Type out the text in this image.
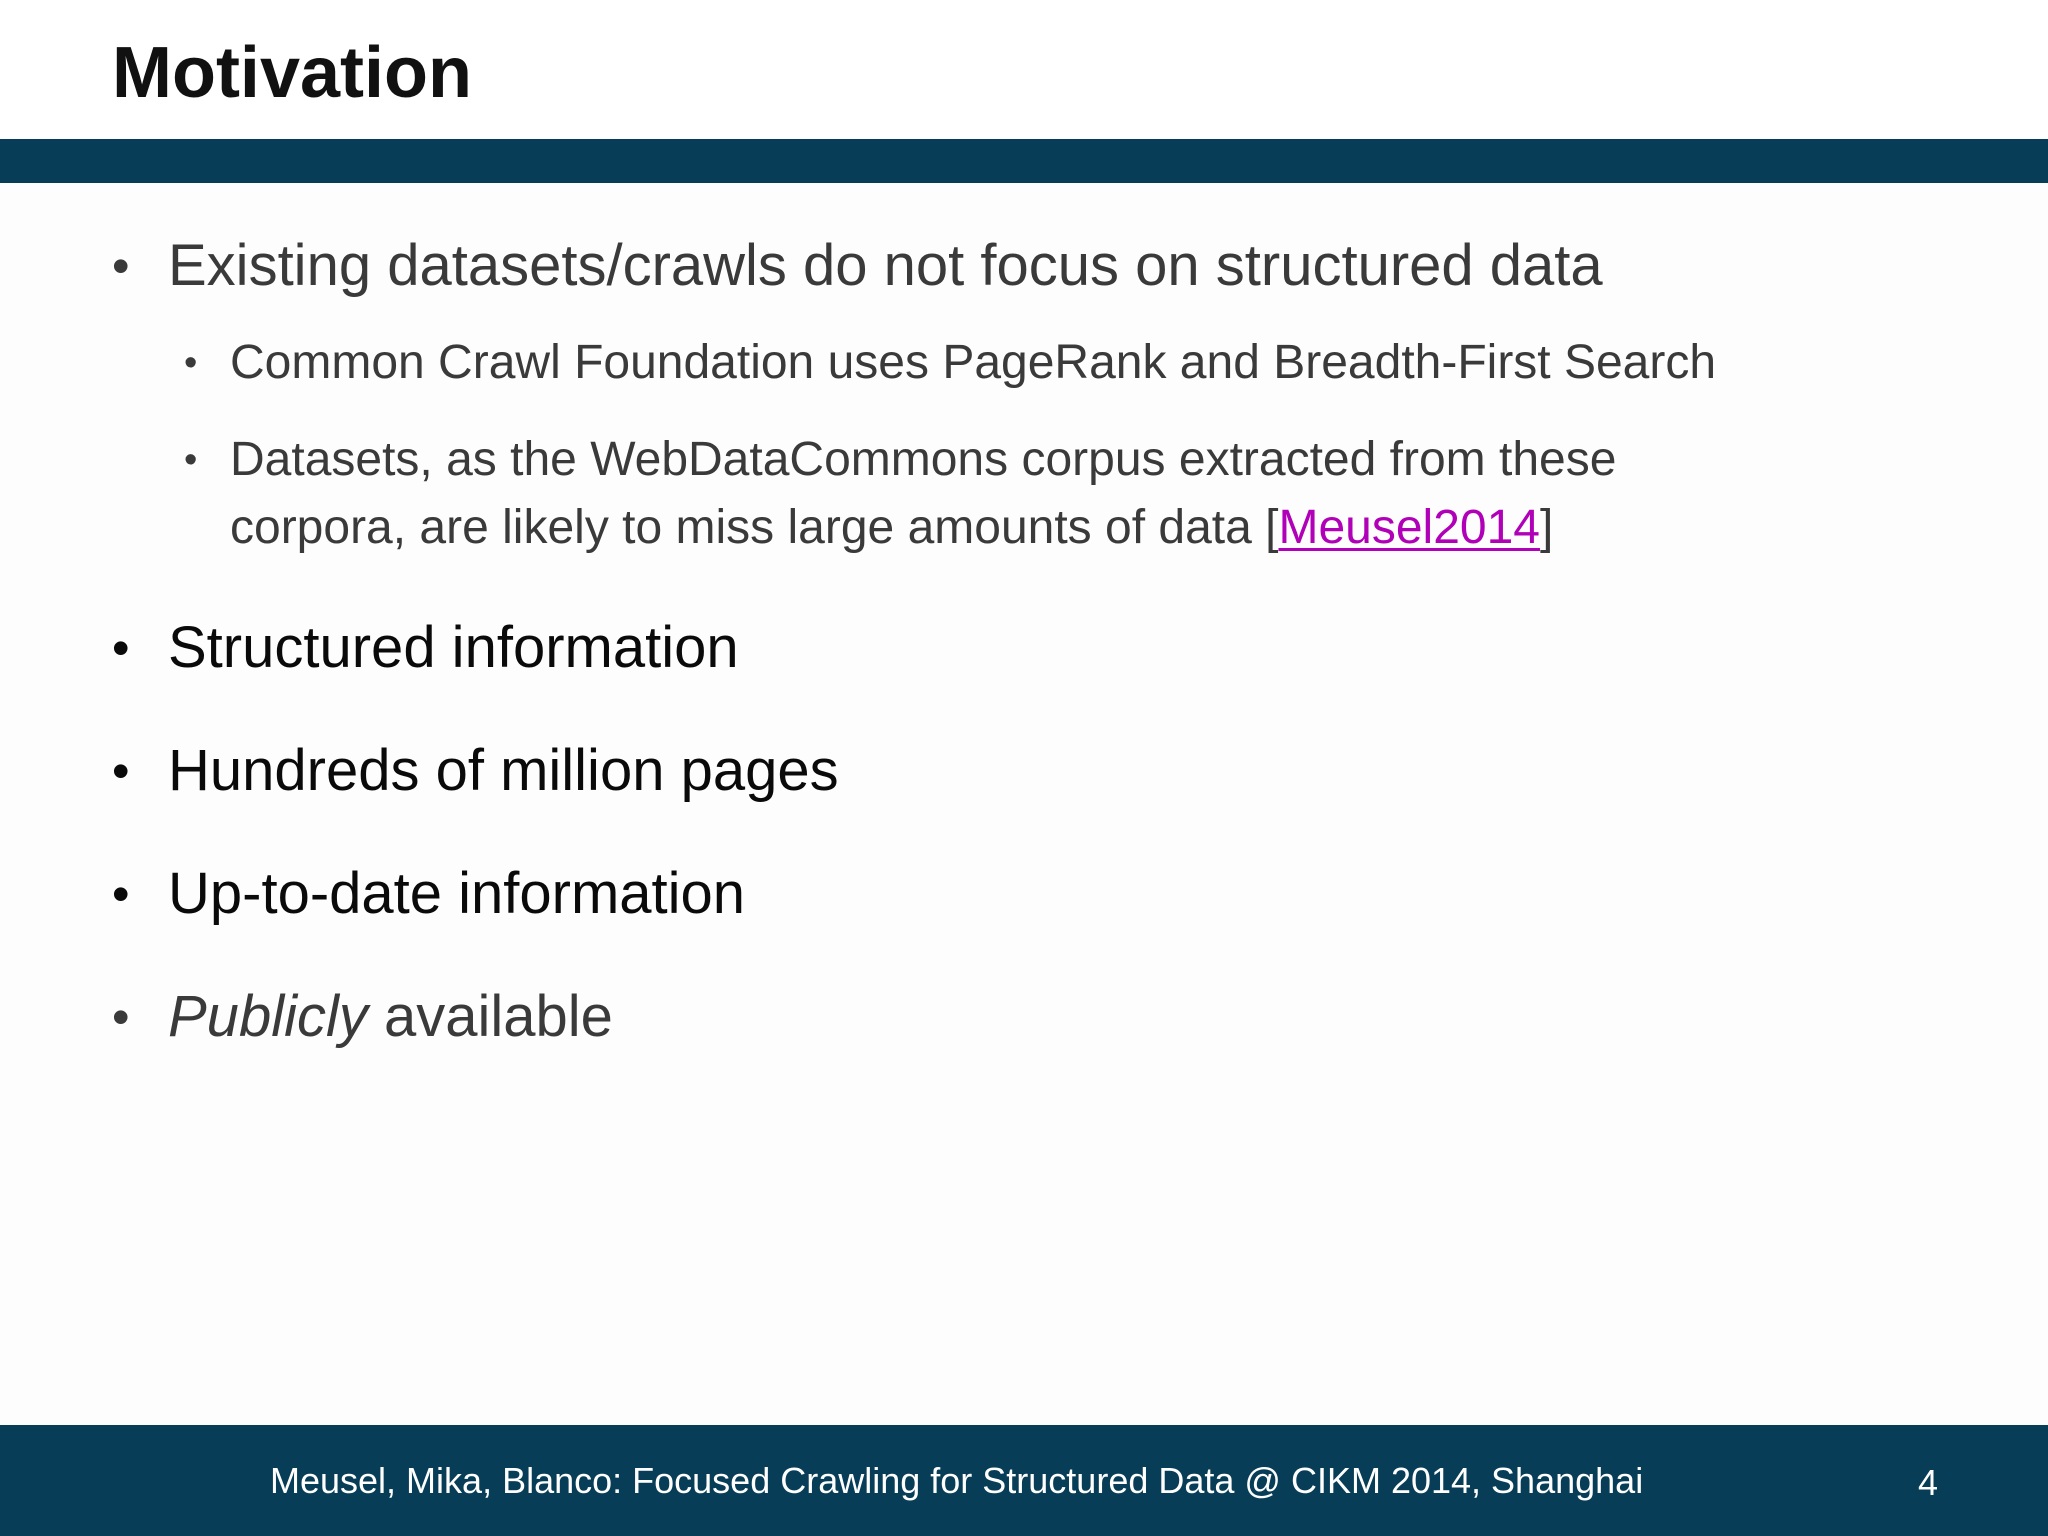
Motivation
• Existing datasets/crawls do not focus on structured data
• Common Crawl Foundation uses PageRank and Breadth-First Search
• Datasets, as the WebDataCommons corpus extracted from these
corpora, are likely to miss large amounts of data [Meusel2014]
• Structured information
• Hundreds of million pages
• Up-to-date information
• Publicly available
Meusel, Mika, Blanco: Focused Crawling for Structured Data @ CIKM 2014, Shanghai	4
